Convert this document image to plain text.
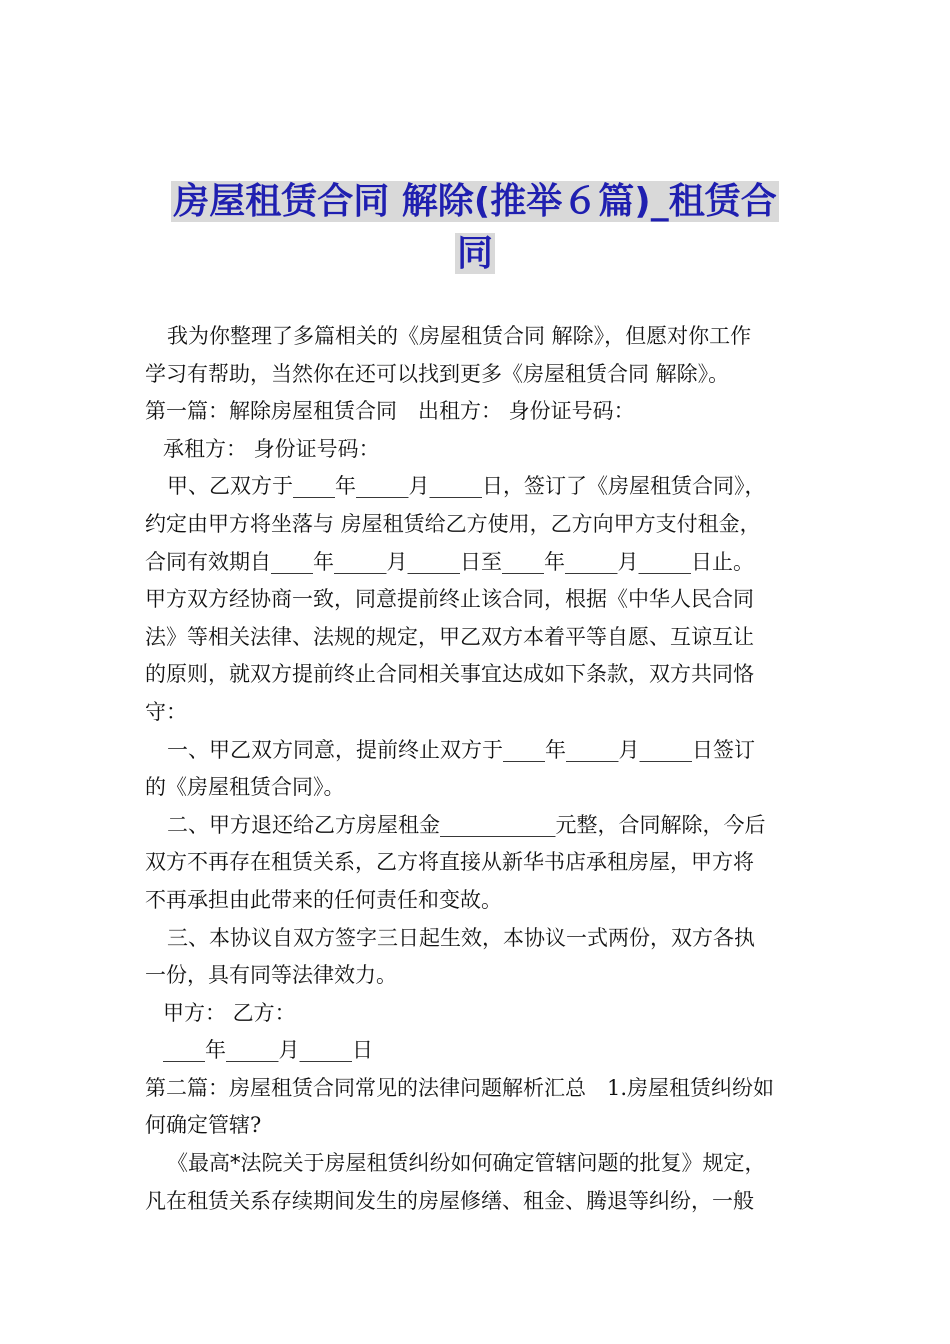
房屋租赁合同 解除(推举６篇)_租赁合
同
我为你整理了多篇相关的《房屋租赁合同 解除》，但愿对你工作
学习有帮助，当然你在还可以找到更多《房屋租赁合同 解除》。
第一篇：解除房屋租赁合同　出租方： 身份证号码：
承租方： 身份证号码：
甲、乙双方于____年_____月_____日，签订了《房屋租赁合同》，
约定由甲方将坐落与 房屋租赁给乙方使用，乙方向甲方支付租金，
合同有效期自____年_____月_____日至____年_____月_____日止。
甲方双方经协商一致，同意提前终止该合同，根据《中华人民合同
法》等相关法律、法规的规定，甲乙双方本着平等自愿、互谅互让
的原则，就双方提前终止合同相关事宜达成如下条款，双方共同恪
守：
一、甲乙双方同意，提前终止双方于____年_____月_____日签订
的《房屋租赁合同》。
二、甲方退还给乙方房屋租金___________元整，合同解除，今后
双方不再存在租赁关系，乙方将直接从新华书店承租房屋，甲方将
不再承担由此带来的任何责任和变故。
三、本协议自双方签字三日起生效，本协议一式两份，双方各执
一份，具有同等法律效力。
甲方： 乙方：
____年_____月_____日
第二篇：房屋租赁合同常见的法律问题解析汇总　1.房屋租赁纠纷如
何确定管辖?
《最高*法院关于房屋租赁纠纷如何确定管辖问题的批复》规定，
凡在租赁关系存续期间发生的房屋修缮、租金、腾退等纠纷，一般
